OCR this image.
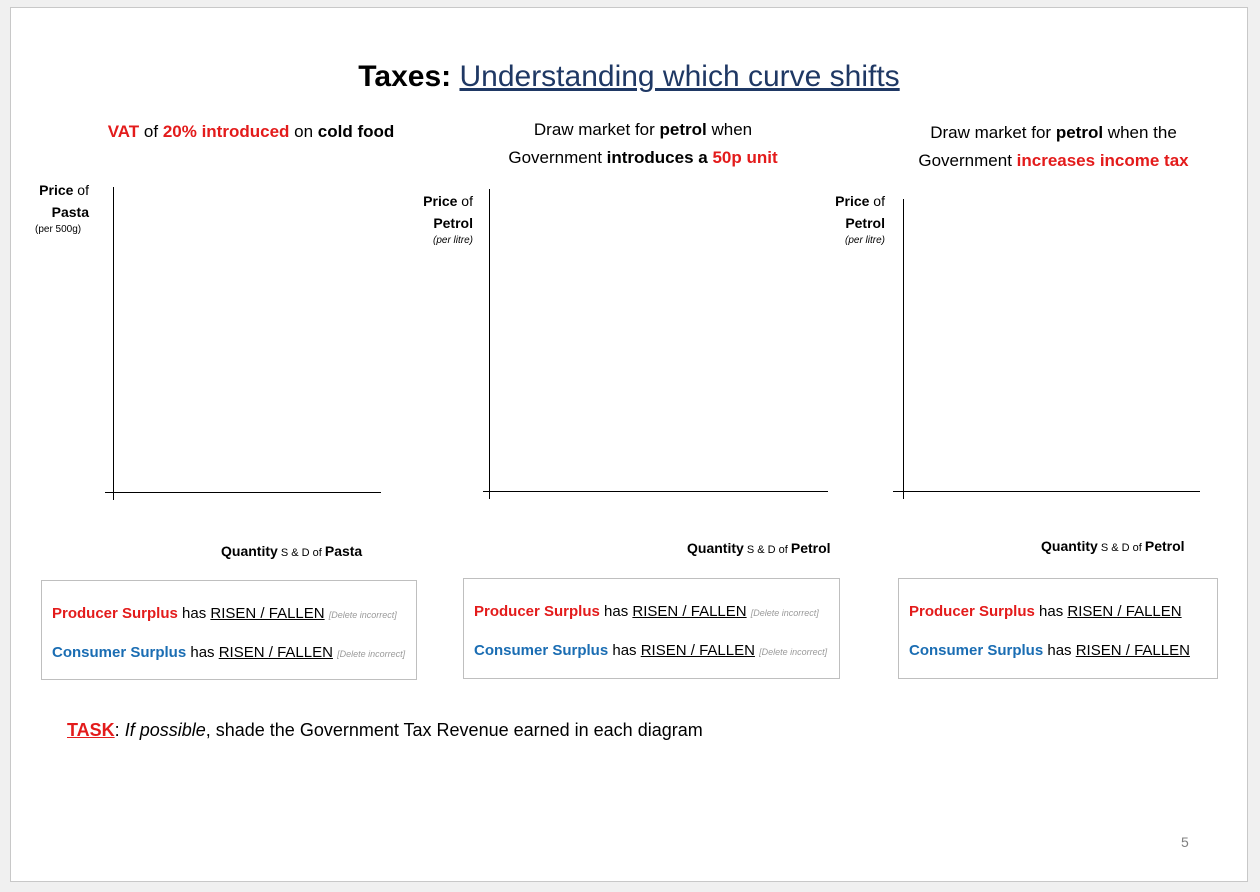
Taxes: Understanding which curve shifts
VAT of 20% introduced on cold food
Price of
Pasta
(per 500g)
Quantity S & D of Pasta
Producer Surplus has RISEN / FALLEN [Delete incorrect]
Consumer Surplus has RISEN / FALLEN [Delete incorrect]
Draw market for petrol when
Government introduces a 50p unit
Price of
Petrol
(per litre)
Quantity S & D of Petrol
Producer Surplus has RISEN / FALLEN [Delete incorrect]
Consumer Surplus has RISEN / FALLEN [Delete incorrect]
Draw market for petrol when the
Government increases income tax
Price of
Petrol
(per litre)
Quantity S & D of Petrol
Producer Surplus has RISEN / FALLEN
Consumer Surplus has RISEN / FALLEN
TASK: If possible, shade the Government Tax Revenue earned in each diagram
5
